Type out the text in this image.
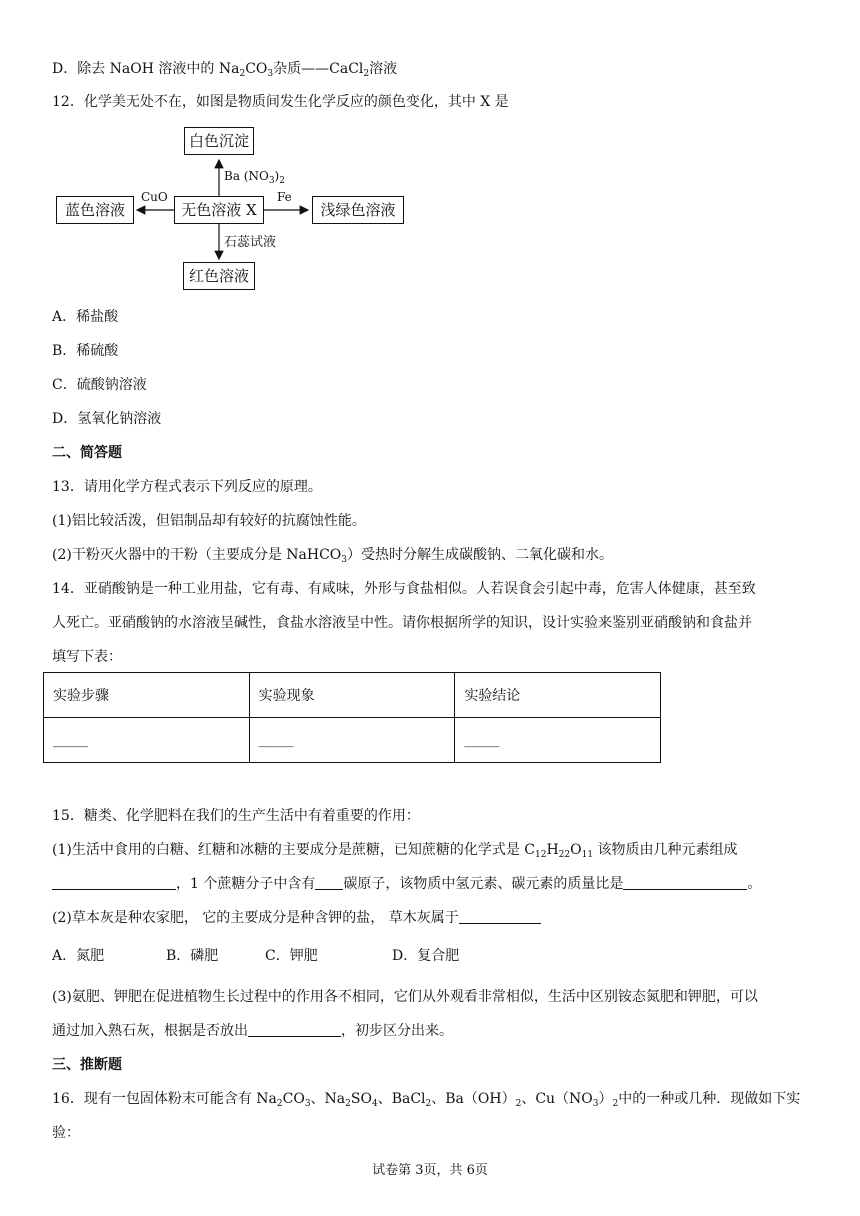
D．除去 NaOH 溶液中的 $Na_2CO_3$杂质——CaCl$_2$溶液
12．化学美无处不在，如图是物质间发生化学反应的颜色变化，其中 X 是
白色沉淀
无色溶液 X
蓝色溶液	浅绿色溶液
红色溶液
Ba $(NO_3)_2$
CuO	Fe
石蕊试液
A．稀盐酸
B．稀硫酸
C．硫酸钠溶液
D．氢氧化钠溶液
二、简答题
13．请用化学方程式表示下列反应的原理。
(1)铝比较活泼，但铝制品却有较好的抗腐蚀性能。
(2)干粉灭火器中的干粉（主要成分是 NaHCO$_3$）受热时分解生成碳酸钠、二氧化碳和水。
14．亚硝酸钠是一种工业用盐，它有毒、有咸味，外形与食盐相似。人若误食会引起中毒，危害人体健康，甚至致
人死亡。亚硝酸钠的水溶液呈碱性，食盐水溶液呈中性。请你根据所学的知识，设计实验来鉴别亚硝酸钠和食盐并
填写下表：
实验步骤	实验现象	实验结论
_____	_____	_____
15．糖类、化学肥料在我们的生产生活中有着重要的作用：
(1)生活中食用的白糖、红糖和冰糖的主要成分是蔗糖，已知蔗糖的化学式是 $C_{12}H_{22}O_{11}$ 该物质由几种元素组成
，1 个蔗糖分子中含有 碳原子，该物质中氢元素、碳元素的质量比是	。
(2)草本灰是种农家肥， 它的主要成分是种含钾的盐， 草木灰属于
A．氮肥	B．磷肥	C．钾肥	D．复合肥
(3)氨肥、钾肥在促进植物生长过程中的作用各不相同，它们从外观看非常相似，生活中区别铵态氮肥和钾肥，可以
通过加入熟石灰，根据是否放出	，初步区分出来。
三、推断题
16．现有一包固体粉末可能含有 $Na_2CO_3$、$Na_2SO_4$、BaCl$_2$、$Ba(OH)_2$、$Cu(NO_3)_2$中的一种或几种．现做如下实
验：
试卷第 3页，共 6页
